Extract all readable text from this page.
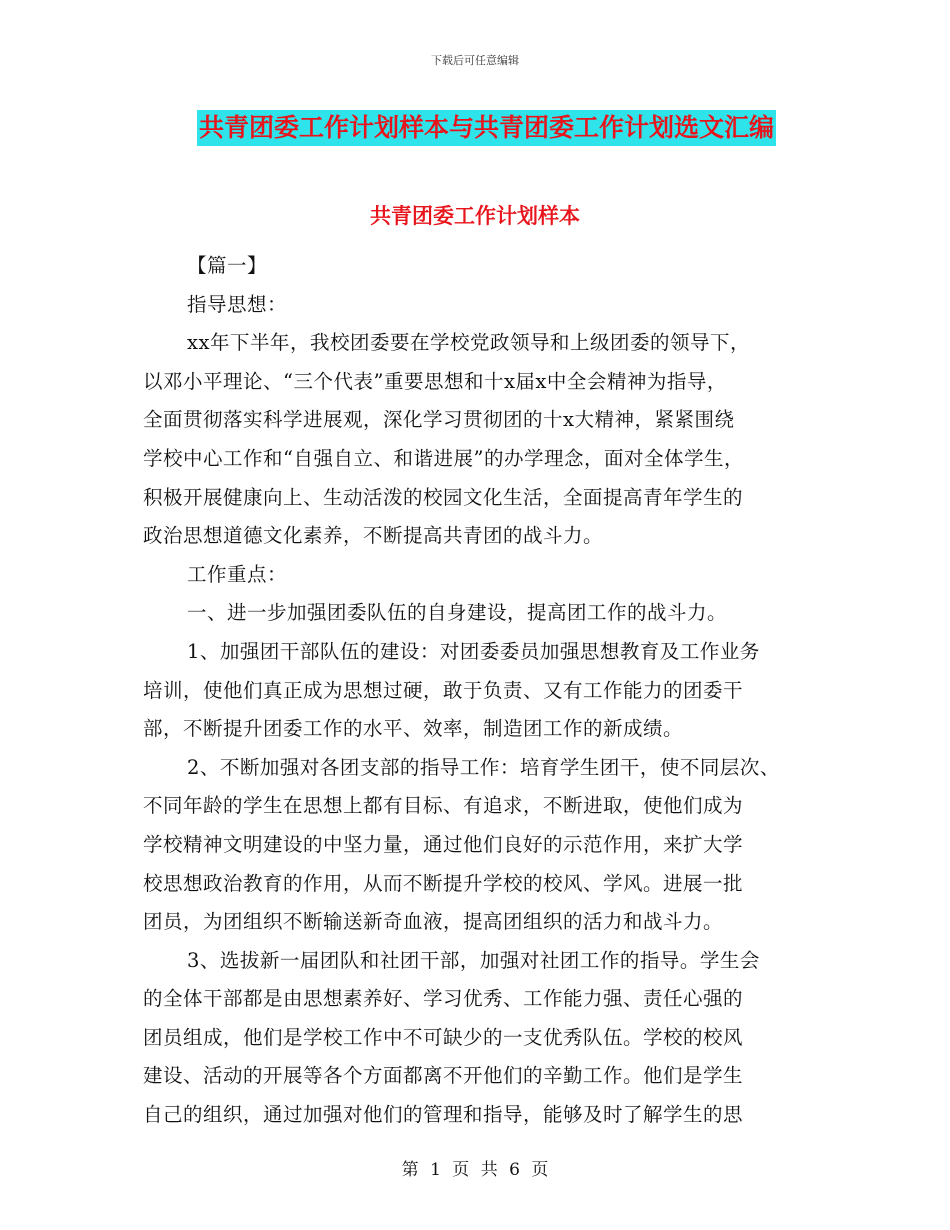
下载后可任意编辑
共青团委工作计划样本与共青团委工作计划选文汇编
共青团委工作计划样本
【篇一】
指导思想：
xx年下半年，我校团委要在学校党政领导和上级团委的领导下，
以邓小平理论、“三个代表”重要思想和十x届x中全会精神为指导，
全面贯彻落实科学进展观，深化学习贯彻团的十x大精神，紧紧围绕
学校中心工作和“自强自立、和谐进展”的办学理念，面对全体学生，
积极开展健康向上、生动活泼的校园文化生活，全面提高青年学生的
政治思想道德文化素养，不断提高共青团的战斗力。
工作重点：
一、进一步加强团委队伍的自身建设，提高团工作的战斗力。
1、加强团干部队伍的建设：对团委委员加强思想教育及工作业务
培训，使他们真正成为思想过硬，敢于负责、又有工作能力的团委干
部，不断提升团委工作的水平、效率，制造团工作的新成绩。
2、不断加强对各团支部的指导工作：培育学生团干，使不同层次、
不同年龄的学生在思想上都有目标、有追求，不断进取，使他们成为
学校精神文明建设的中坚力量，通过他们良好的示范作用，来扩大学
校思想政治教育的作用，从而不断提升学校的校风、学风。进展一批
团员，为团组织不断输送新奇血液，提高团组织的活力和战斗力。
3、选拔新一届团队和社团干部，加强对社团工作的指导。学生会
的全体干部都是由思想素养好、学习优秀、工作能力强、责任心强的
团员组成，他们是学校工作中不可缺少的一支优秀队伍。学校的校风
建设、活动的开展等各个方面都离不开他们的辛勤工作。他们是学生
自己的组织，通过加强对他们的管理和指导，能够及时了解学生的思
第 1 页 共 6 页
